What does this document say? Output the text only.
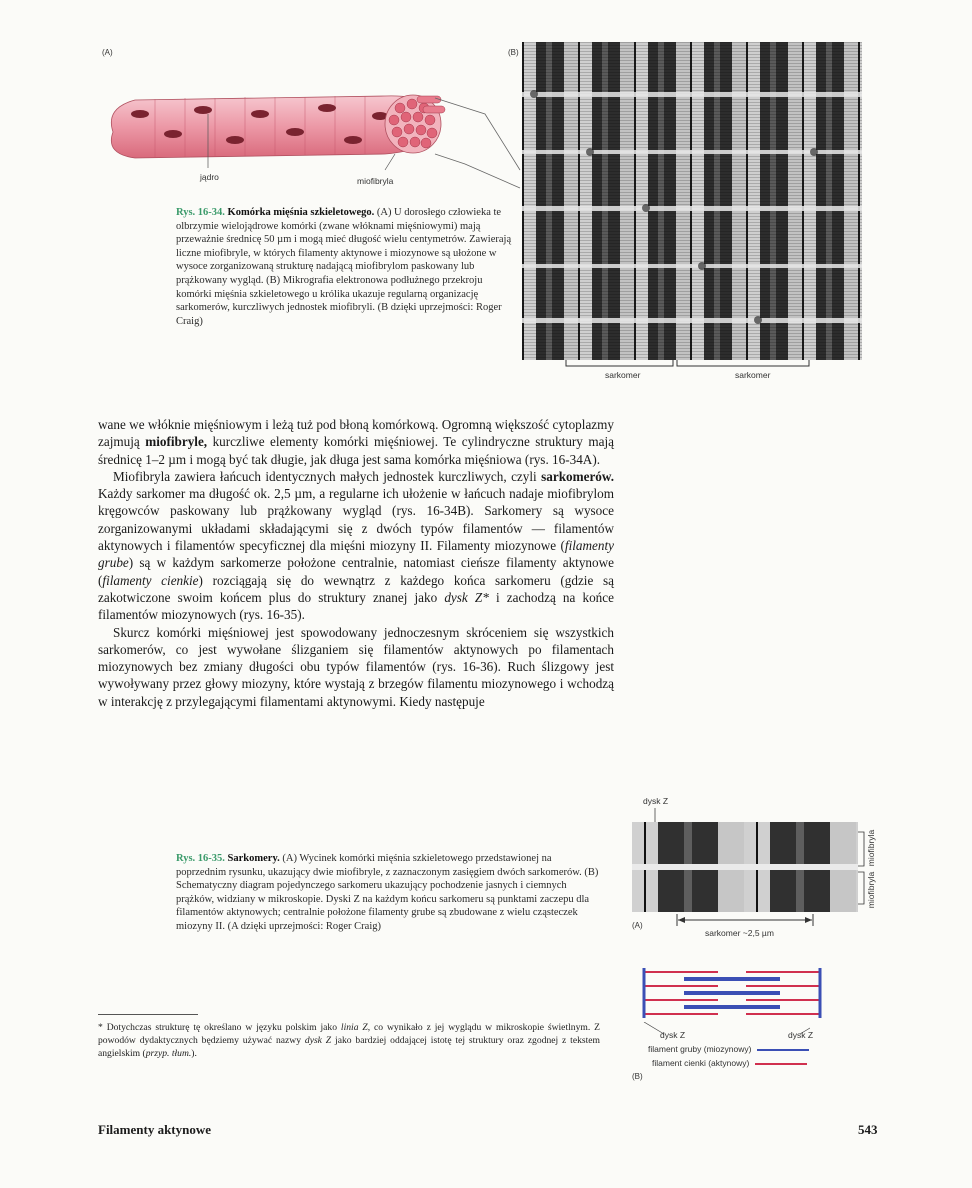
(A)	(B)
jądro	miofibryla
sarkomer	sarkomer
Rys. 16-34. Komórka mięśnia szkieletowego. (A) U dorosłego człowieka te olbrzymie wielojądrowe komórki (zwane włóknami mięśniowymi) mają przeważnie średnicę 50 µm i mogą mieć długość wielu centymetrów. Zawierają liczne miofibryle, w których filamenty aktynowe i miozynowe są ułożone w wysoce zorganizowaną strukturę nadającą miofibrylom paskowany lub prążkowany wygląd. (B) Mikrografia elektronowa podłużnego przekroju komórki mięśnia szkieletowego u królika ukazuje regularną organizację sarkomerów, kurczliwych jednostek miofibryli. (B dzięki uprzejmości: Roger Craig)

wane we włóknie mięśniowym i leżą tuż pod błoną komórkową. Ogromną większość cytoplazmy zajmują miofibryle, kurczliwe elementy komórki mięśniowej. Te cylindryczne struktury mają średnicę 1–2 µm i mogą być tak długie, jak długa jest sama komórka mięśniowa (rys. 16-34A).

Miofibryla zawiera łańcuch identycznych małych jednostek kurczliwych, czyli sarkomerów. Każdy sarkomer ma długość ok. 2,5 µm, a regularne ich ułożenie w łańcuch nadaje miofibrylom kręgowców paskowany lub prążkowany wygląd (rys. 16-34B). Sarkomery są wysoce zorganizowanymi układami składającymi się z dwóch typów filamentów — filamentów aktynowych i filamentów specyficznej dla mięśni miozyny II. Filamenty miozynowe (filamenty grube) są w każdym sarkomerze położone centralnie, natomiast cieńsze filamenty aktynowe (filamenty cienkie) rozciągają się do wewnątrz z każdego końca sarkomeru (gdzie są zakotwiczone swoim końcem plus do struktury znanej jako dysk Z* i zachodzą na końce filamentów miozynowych (rys. 16-35).

Skurcz komórki mięśniowej jest spowodowany jednoczesnym skróceniem się wszystkich sarkomerów, co jest wywołane ślizganiem się filamentów aktynowych po filamentach miozynowych bez zmiany długości obu typów filamentów (rys. 16-36). Ruch ślizgowy jest wywoływany przez głowy miozyny, które wystają z brzegów filamentu miozynowego i wchodzą w interakcję z przylegającymi filamentami aktynowymi. Kiedy następuje

dysk Z
miofibryla
miofibryla
(A)
sarkomer ~2,5 µm
dysk Z	dysk Z
filament gruby (miozynowy)
filament cienki (aktynowy)
(B)
Rys. 16-35. Sarkomery. (A) Wycinek komórki mięśnia szkieletowego przedstawionej na poprzednim rysunku, ukazujący dwie miofibryle, z zaznaczonym zasięgiem dwóch sarkomerów. (B) Schematyczny diagram pojedynczego sarkomeru ukazujący pochodzenie jasnych i ciemnych prążków, widziany w mikroskopie. Dyski Z na każdym końcu sarkomeru są punktami zaczepu dla filamentów aktynowych; centralnie położone filamenty grube są zbudowane z wielu cząsteczek miozyny II. (A dzięki uprzejmości: Roger Craig)
* Dotychczas strukturę tę określano w języku polskim jako linia Z, co wynikało z jej wyglądu w mikroskopie świetlnym. Z powodów dydaktycznych będziemy używać nazwy dysk Z jako bardziej oddającej istotę tej struktury oraz zgodnej z tekstem angielskim (przyp. tłum.).
Filamenty aktynowe	543
